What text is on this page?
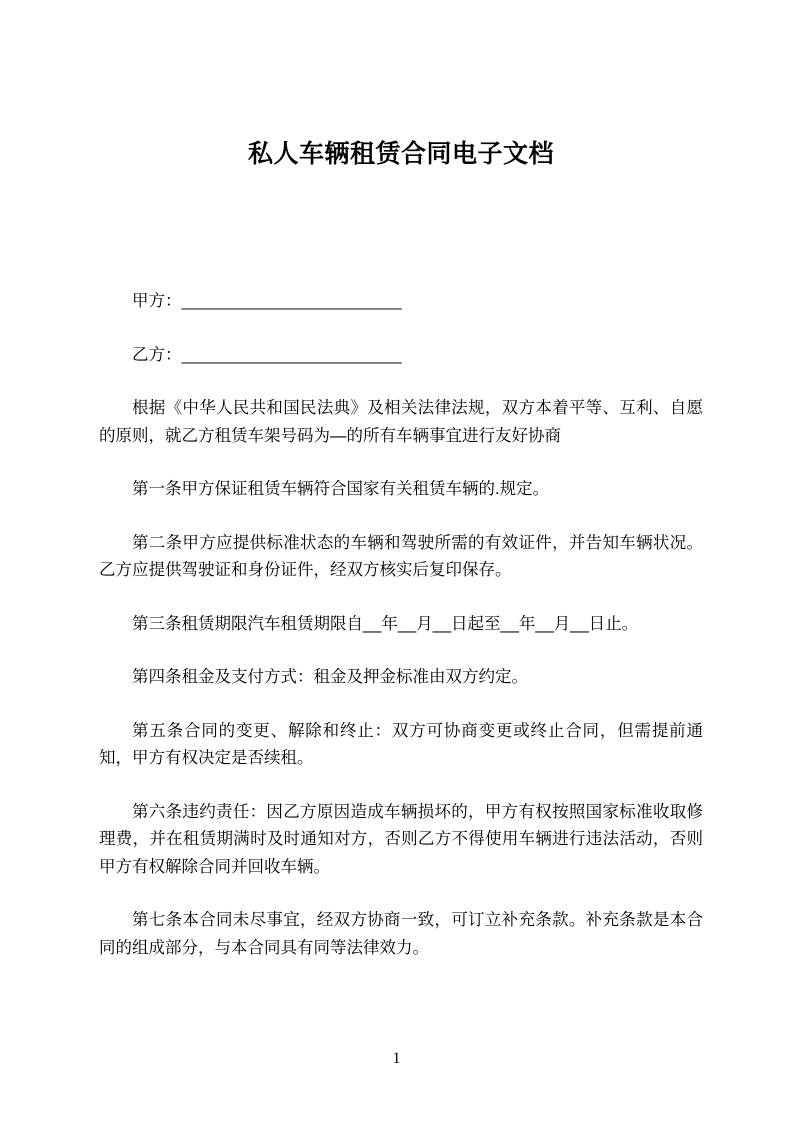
私人车辆租赁合同电子文档

甲方：________________________

乙方：________________________

根据《中华人民共和国民法典》及相关法律法规，双方本着平等、互利、自愿的原则，就乙方租赁车架号码为—的所有车辆事宜进行友好协商

第一条甲方保证租赁车辆符合国家有关租赁车辆的.规定。

第二条甲方应提供标准状态的车辆和驾驶所需的有效证件，并告知车辆状况。乙方应提供驾驶证和身份证件，经双方核实后复印保存。

第三条租赁期限汽车租赁期限自__年__月__日起至__年__月__日止。

第四条租金及支付方式：租金及押金标准由双方约定。

第五条合同的变更、解除和终止：双方可协商变更或终止合同，但需提前通知，甲方有权决定是否续租。

第六条违约责任：因乙方原因造成车辆损坏的，甲方有权按照国家标准收取修理费，并在租赁期满时及时通知对方，否则乙方不得使用车辆进行违法活动，否则甲方有权解除合同并回收车辆。

第七条本合同未尽事宜，经双方协商一致，可订立补充条款。补充条款是本合同的组成部分，与本合同具有同等法律效力。

1
